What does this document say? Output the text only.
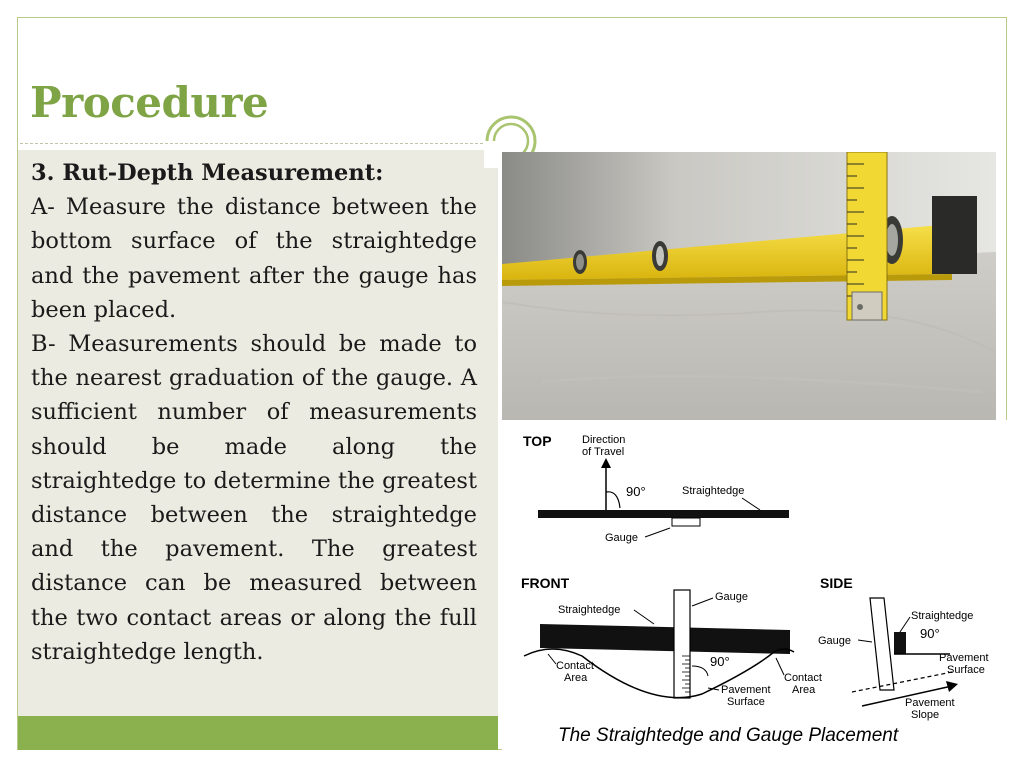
Procedure
3. Rut-Depth Measurement:

A- Measure the distance between the bottom surface of the straightedge and the pavement after the gauge has been placed.

B- Measurements should be made to the nearest graduation of the gauge. A sufficient number of measurements should be made along the straightedge to determine the greatest distance between the straightedge and the pavement. The greatest distance can be measured between the two contact areas or along the full straightedge length.

TOP	Direction
of Travel
90°	Straightedge
Gauge
FRONT
Straightedge
Gauge
90°
Contact
Area	Contact
Area
Pavement
Surface
SIDE
Straightedge
90°
Gauge
Pavement
Surface
Pavement
Slope
The Straightedge and Gauge Placement
